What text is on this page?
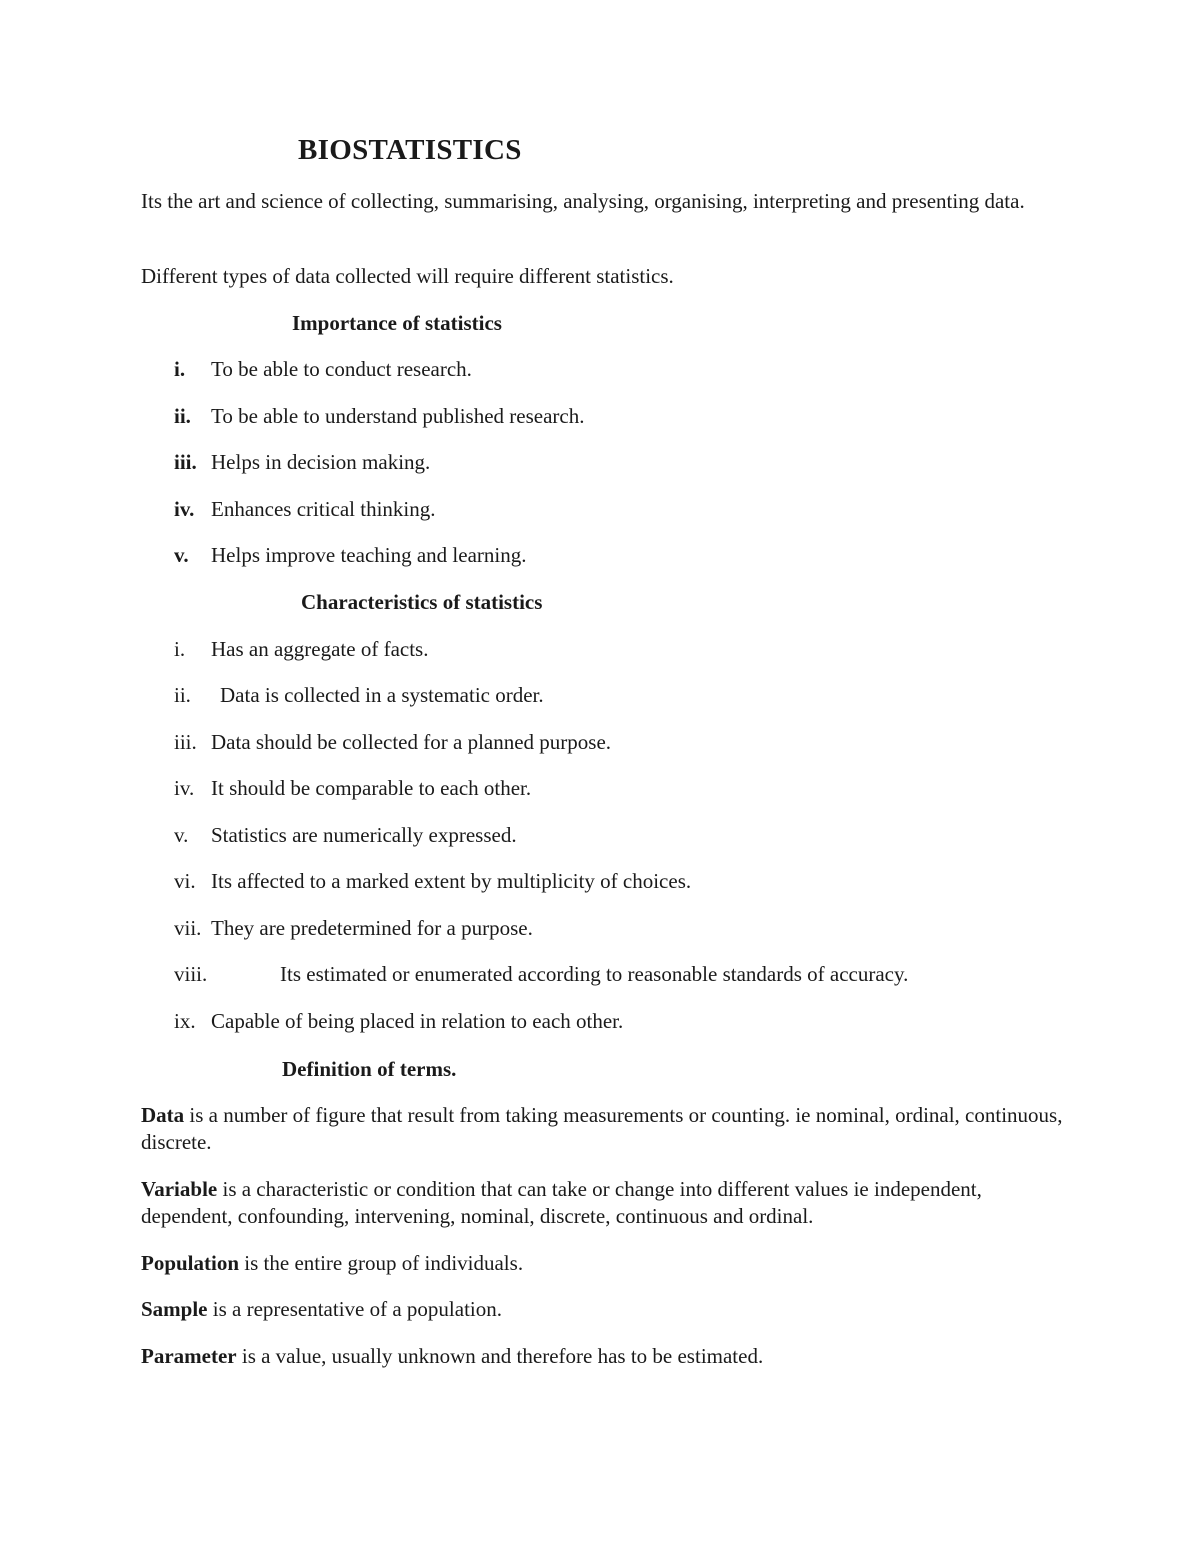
BIOSTATISTICS

Its the art and science of collecting, summarising, analysing, organising, interpreting and presenting data.

Different types of data collected will require different statistics.

Importance of statistics
i. To be able to conduct research.
ii. To be able to understand published research.
iii. Helps in decision making.
iv. Enhances critical thinking.
v. Helps improve teaching and learning.
Characteristics of statistics
i. Has an aggregate of facts.
ii. Data is collected in a systematic order.
iii. Data should be collected for a planned purpose.
iv. It should be comparable to each other.
v. Statistics are numerically expressed.
vi. Its affected to a marked extent by multiplicity of choices.
vii. They are predetermined for a purpose.
viii.	Its estimated or enumerated according to reasonable standards of accuracy.
ix. Capable of being placed in relation to each other.
Definition of terms.

Data is a number of figure that result from taking measurements or counting. ie nominal, ordinal, continuous, discrete.

Variable is a characteristic or condition that can take or change into different values ie independent, dependent, confounding, intervening, nominal, discrete, continuous and ordinal.

Population is the entire group of individuals.

Sample is a representative of a population.

Parameter is a value, usually unknown and therefore has to be estimated.
